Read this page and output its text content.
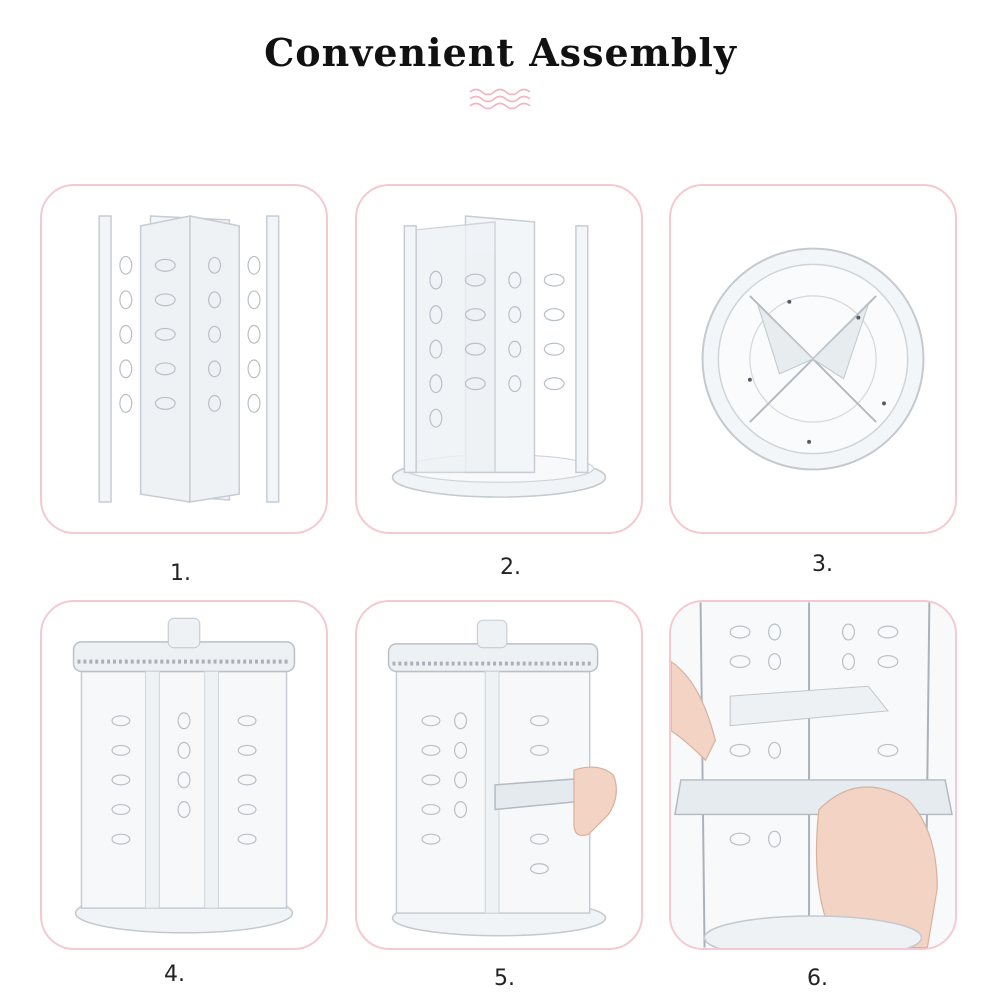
Convenient Assembly
1.	2.	3.
4.	5.	6.
